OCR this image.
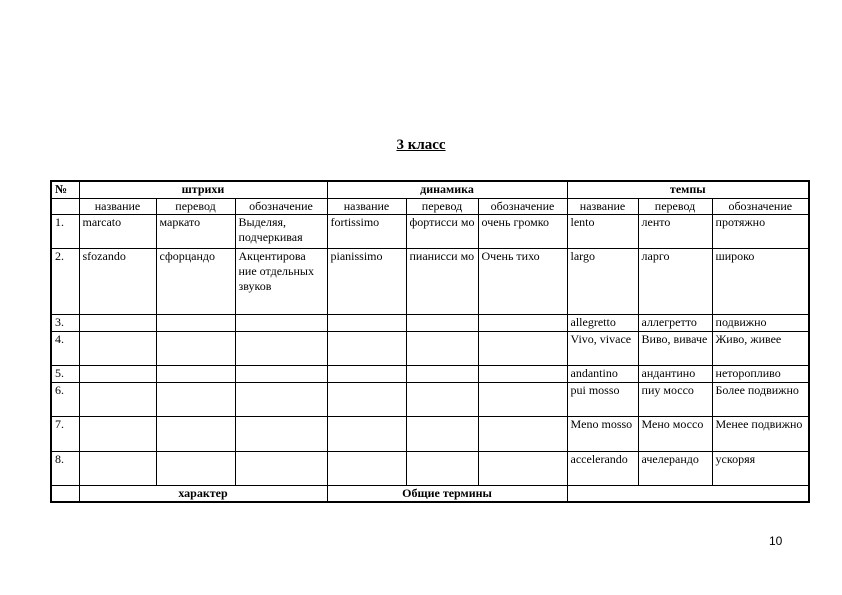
3 класс
№	штрихи			динамика			темпы		
	название	перевод	обозначение	название	перевод	обозначение	название	перевод	обозначение
1.	marcato	маркато	Выделяя, подчеркивая	fortissimo	фортисси мо	очень громко	lento	ленто	протяжно
2.	sfozando	сфорцандо	Акцентирова ние отдельных звуков	pianissimo	пианисси мо	Очень тихо	largo	ларго	широко
3.							allegretto	аллегретто	подвижно
4.							Vivo, vivace	Виво, виваче	Живо, живее
5.							andantino	андантино	неторопливо
6.							pui mosso	пиу моссо	Более подвижно
7.							Meno mosso	Мено моссо	Менее подвижно
8.							accelerando	ачелерандо	ускоряя
	характер			Общие термины					
10
